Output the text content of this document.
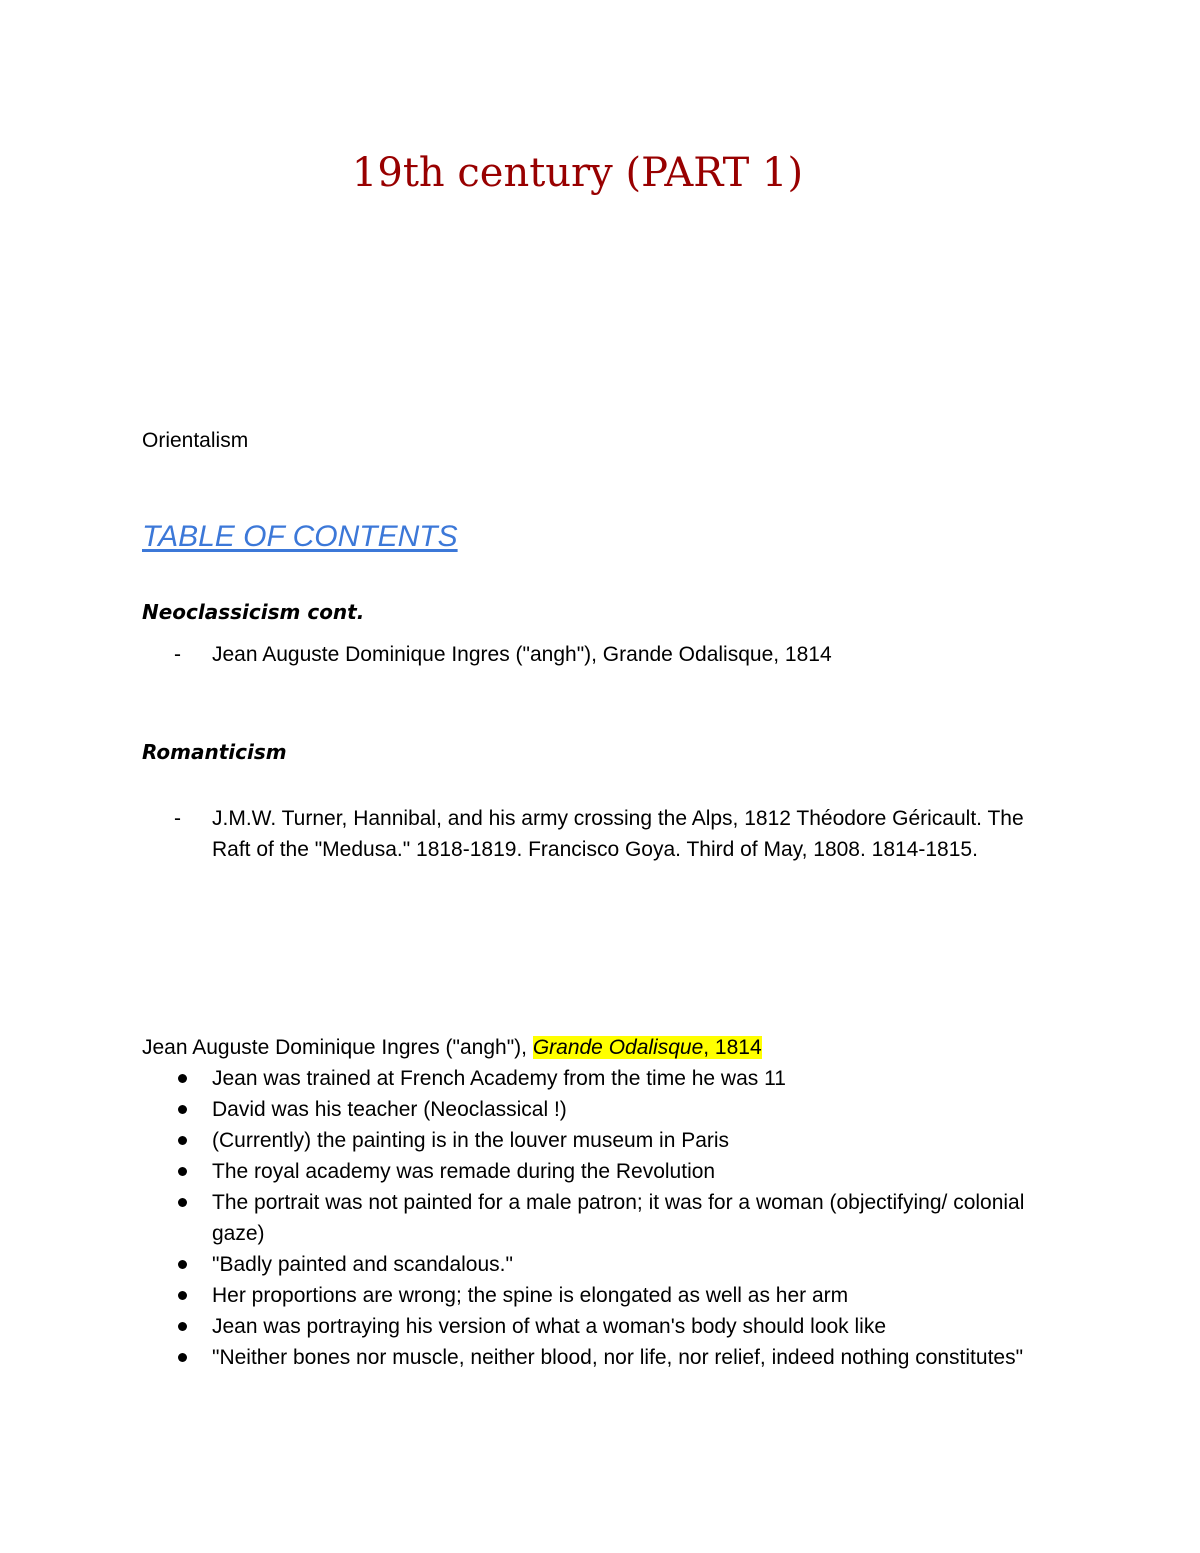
19th century (PART 1)
Orientalism
TABLE OF CONTENTS
Neoclassicism cont.
- Jean Auguste Dominique Ingres ("angh"), Grande Odalisque, 1814
Romanticism
- J.M.W. Turner, Hannibal, and his army crossing the Alps, 1812 Théodore Géricault. The Raft of the "Medusa." 1818-1819. Francisco Goya. Third of May, 1808. 1814-1815.
Jean Auguste Dominique Ingres ("angh"), Grande Odalisque, 1814
Jean was trained at French Academy from the time he was 11
David was his teacher (Neoclassical !)
(Currently) the painting is in the louver museum in Paris
The royal academy was remade during the Revolution
The portrait was not painted for a male patron; it was for a woman (objectifying/ colonial gaze)
"Badly painted and scandalous."
Her proportions are wrong; the spine is elongated as well as her arm
Jean was portraying his version of what a woman's body should look like
"Neither bones nor muscle, neither blood, nor life, nor relief, indeed nothing constitutes"
